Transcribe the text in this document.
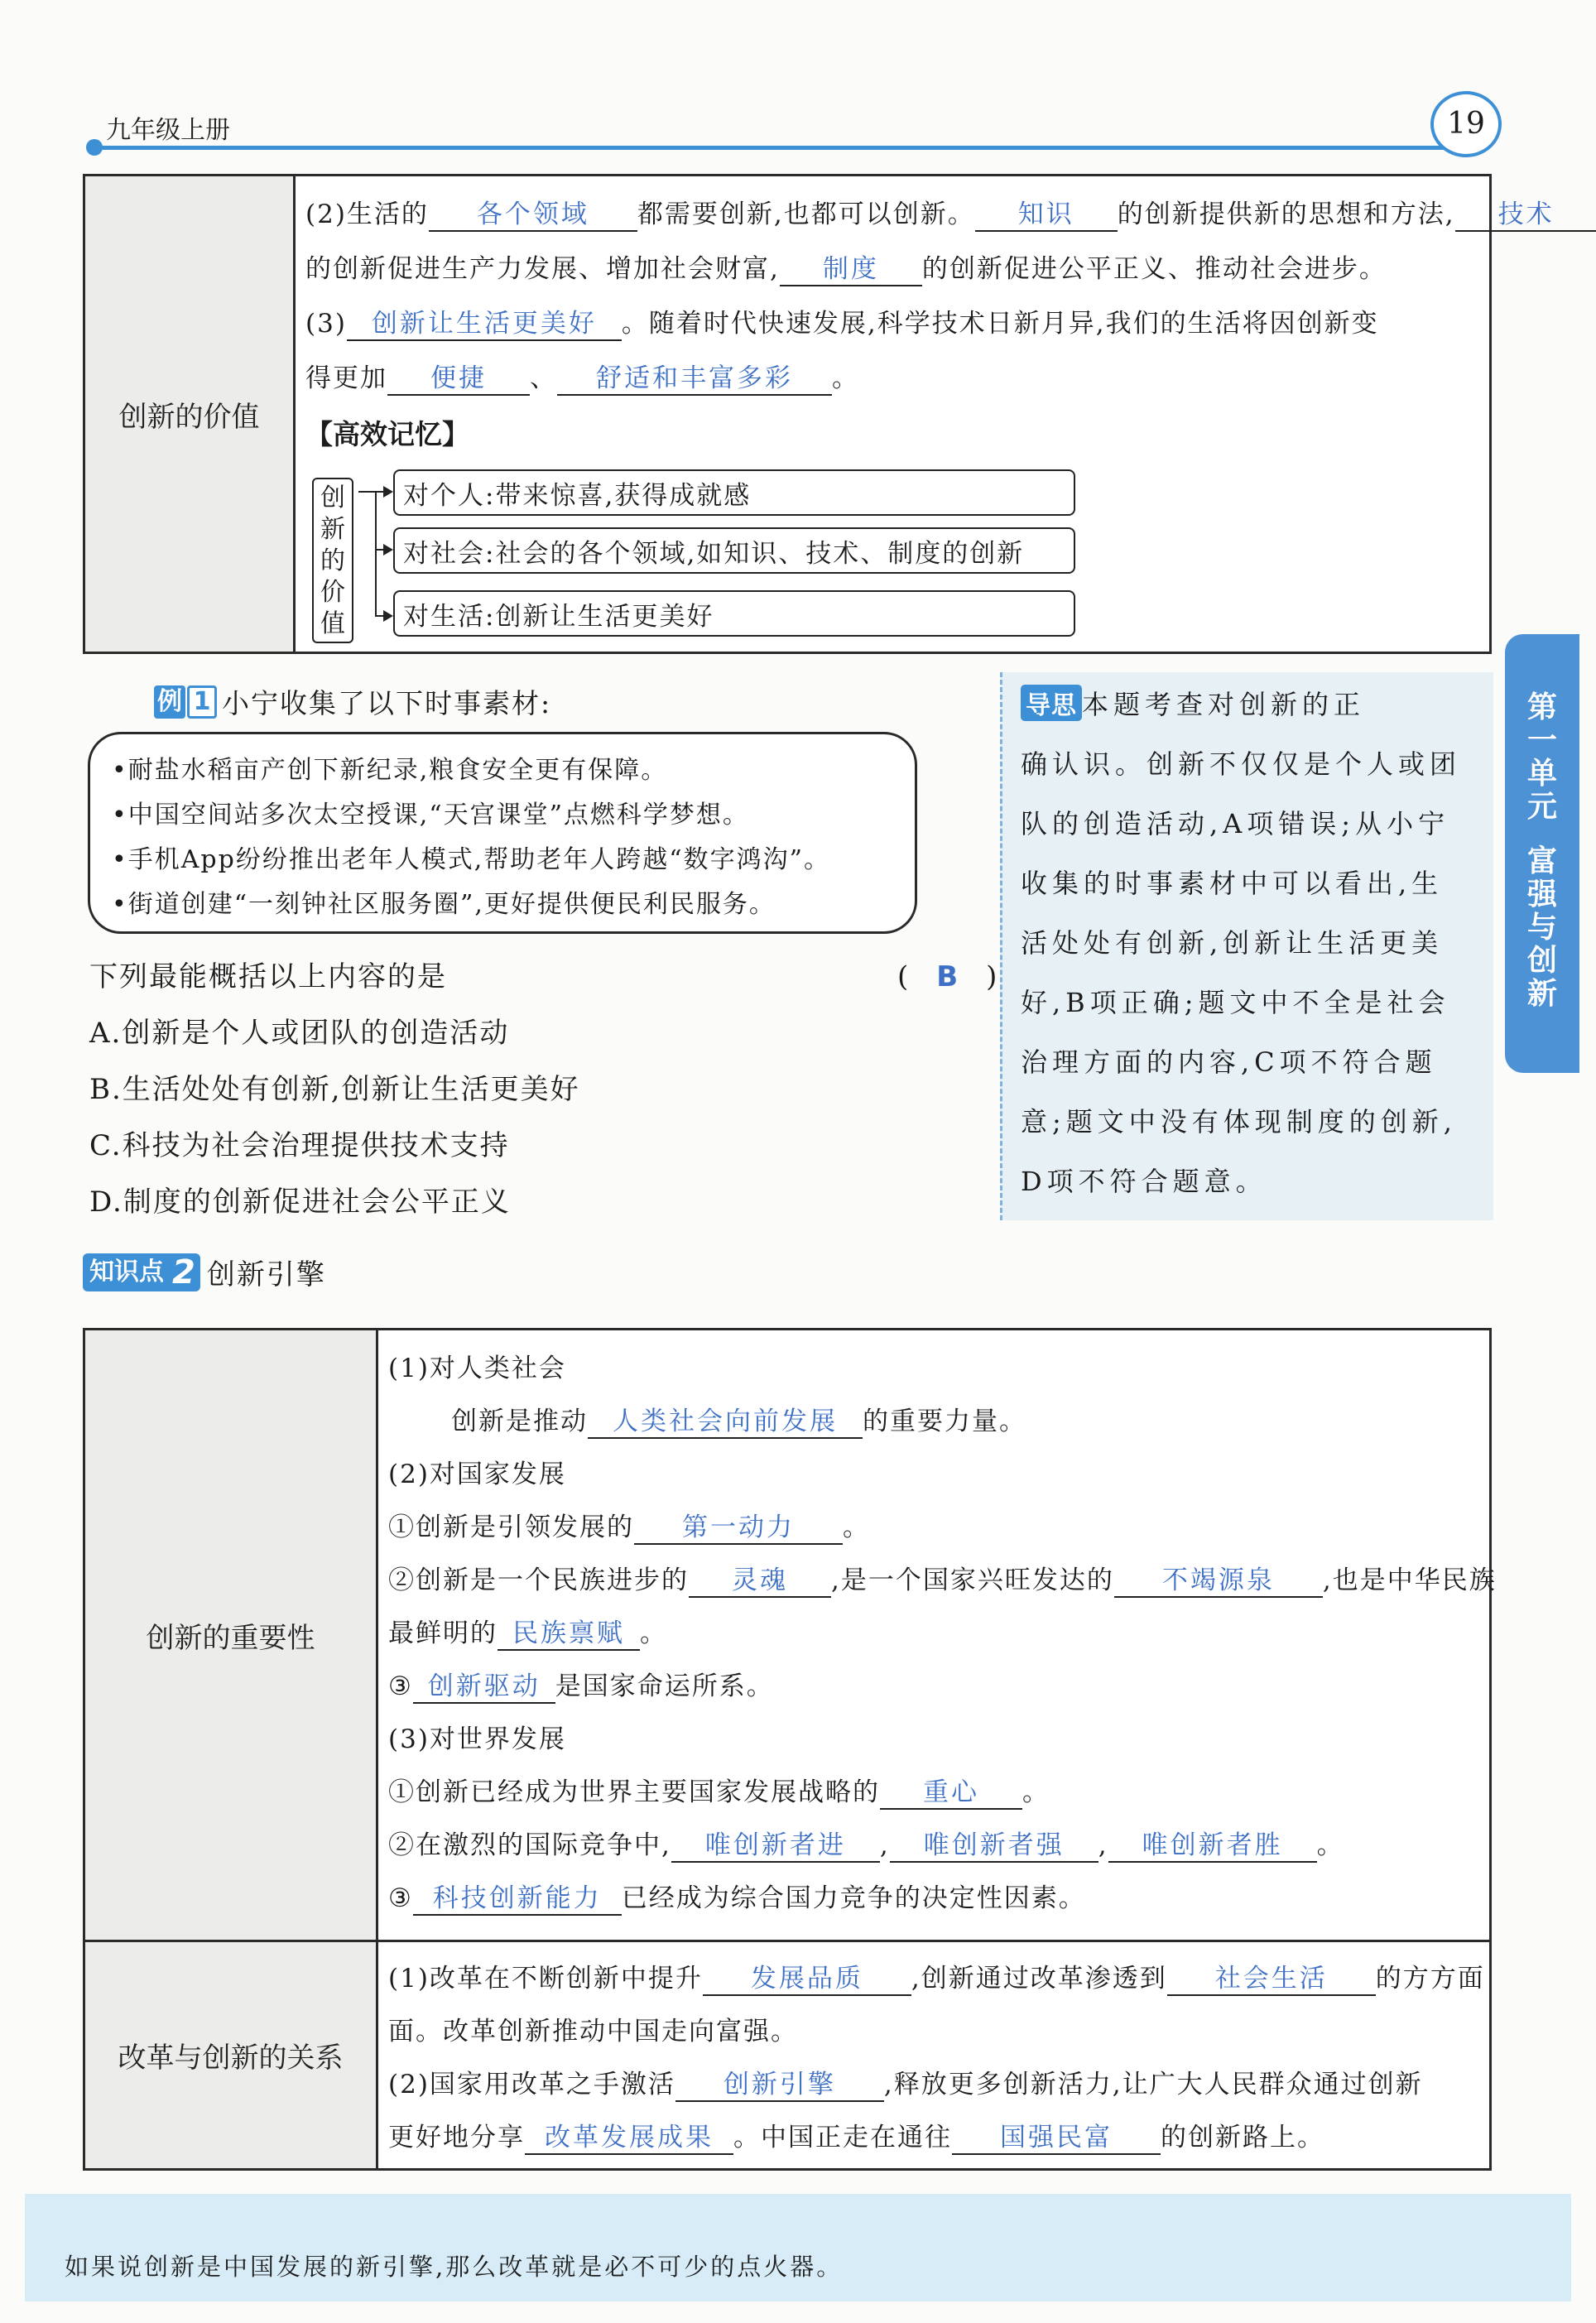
九年级上册	19
第
一
单
元
富
强
与
创
新
创新的价值
(2)生活的 各个领域 都需要创新,也都可以创新。 知识 的创新提供新的思想和方法, 技术
的创新促进生产力发展、增加社会财富, 制度 的创新促进公平正义、推动社会进步。
(3) 创新让生活更美好 。随着时代快速发展,科学技术日新月异,我们的生活将因创新变
得更加 便捷 、 舒适和丰富多彩 。
【高效记忆】
创
新
的
价
值
对个人:带来惊喜,获得成就感
对社会:社会的各个领域,如知识、技术、制度的创新
对生活:创新让生活更美好
例 1 小宁收集了以下时事素材:
•耐盐水稻亩产创下新纪录,粮食安全更有保障。
•中国空间站多次太空授课,“天宫课堂”点燃科学梦想。
•手机App纷纷推出老年人模式,帮助老年人跨越“数字鸿沟”。
•街道创建“一刻钟社区服务圈”,更好提供便民利民服务。
下列最能概括以上内容的是	(　B　)
A.创新是个人或团队的创造活动
B.生活处处有创新,创新让生活更美好
C.科技为社会治理提供技术支持
D.制度的创新促进社会公平正义
导思 本题考查对创新的正
确认识。创新不仅仅是个人或团
队的创造活动,A项错误;从小宁
收集的时事素材中可以看出,生
活处处有创新,创新让生活更美
好,B项正确;题文中不全是社会
治理方面的内容,C项不符合题
意;题文中没有体现制度的创新,
D项不符合题意。
知识点 2 创新引擎
创新的重要性
(1)对人类社会
创新是推动 人类社会向前发展 的重要力量。
(2)对国家发展
①创新是引领发展的 第一动力 。
②创新是一个民族进步的 灵魂 ,是一个国家兴旺发达的 不竭源泉 ,也是中华民族
最鲜明的 民族禀赋 。
③ 创新驱动 是国家命运所系。
(3)对世界发展
①创新已经成为世界主要国家发展战略的 重心 。
②在激烈的国际竞争中, 唯创新者进 , 唯创新者强 , 唯创新者胜 。
③ 科技创新能力 已经成为综合国力竞争的决定性因素。
改革与创新的关系
(1)改革在不断创新中提升 发展品质 ,创新通过改革渗透到 社会生活 的方方面
面。改革创新推动中国走向富强。
(2)国家用改革之手激活 创新引擎 ,释放更多创新活力,让广大人民群众通过创新
更好地分享 改革发展成果 。中国正走在通往 国强民富 的创新路上。
如果说创新是中国发展的新引擎,那么改革就是必不可少的点火器。
